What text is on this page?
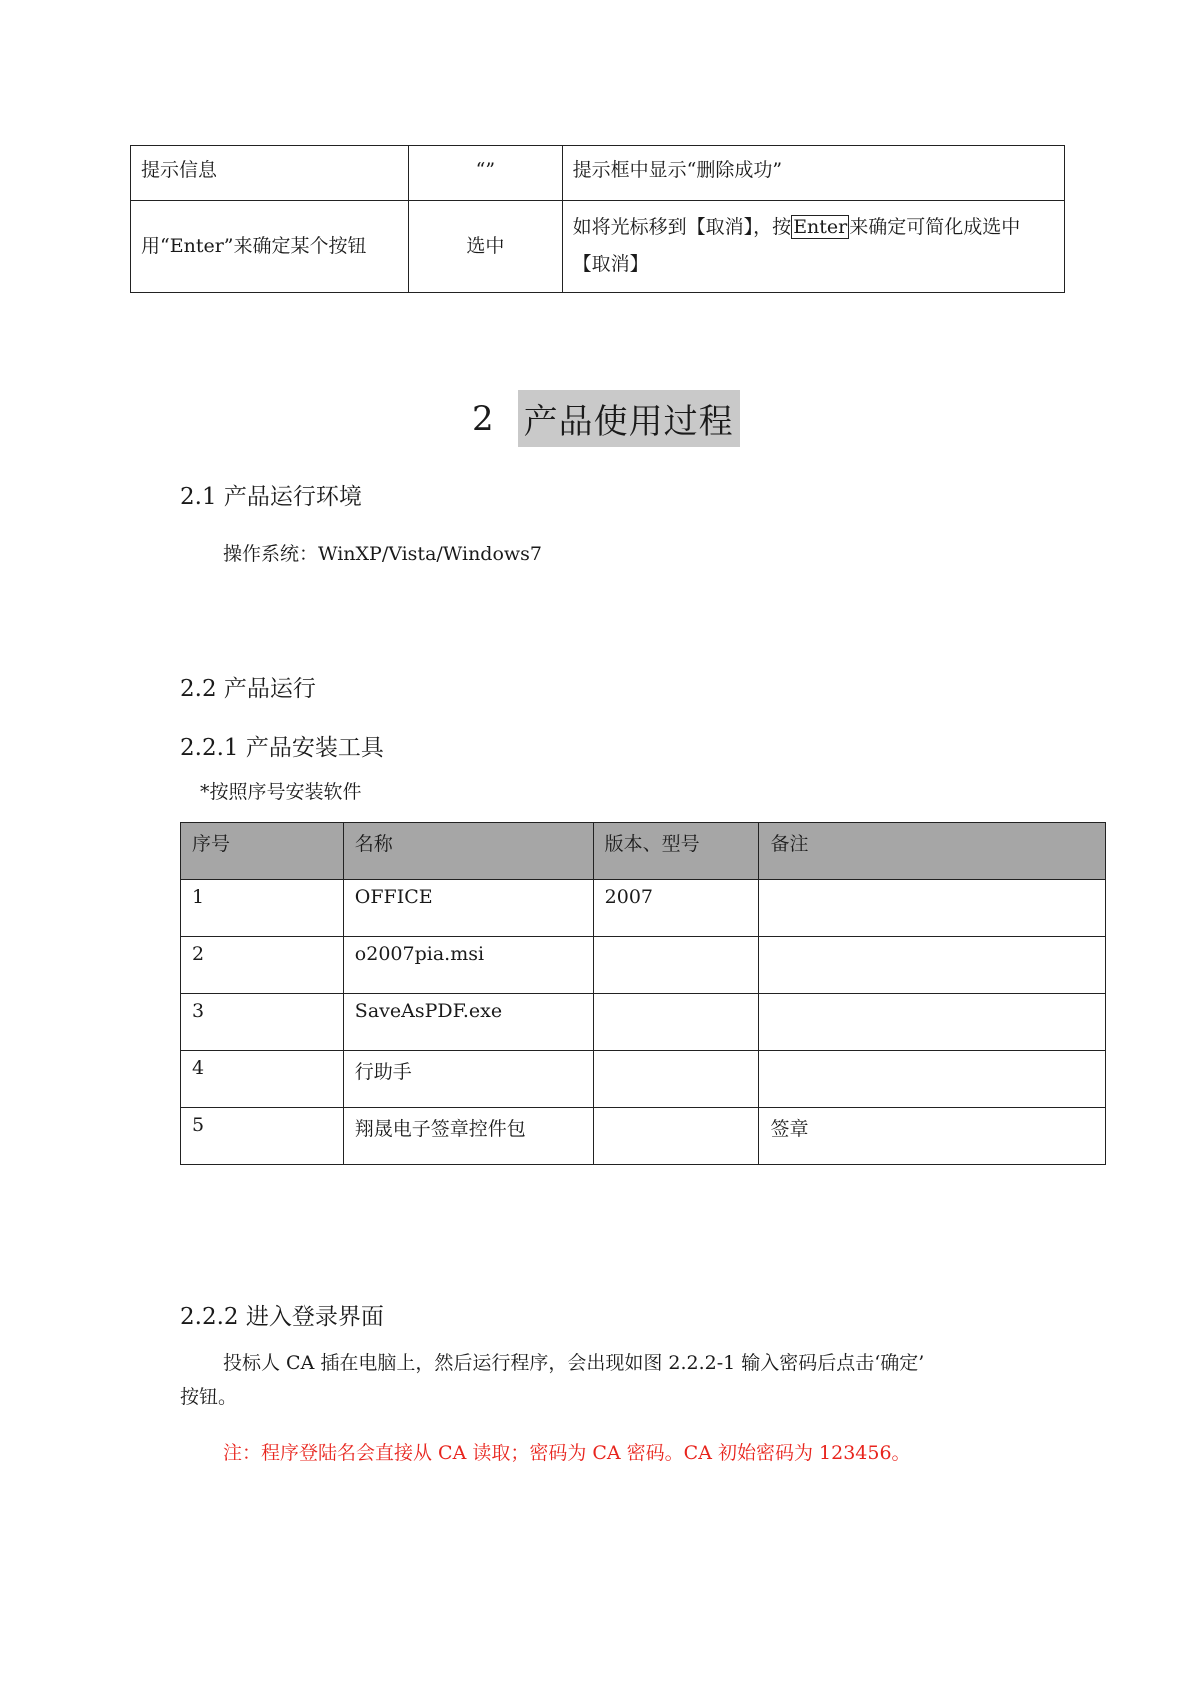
提示信息	“”	提示框中显示“删除成功”
用“Enter”来确定某个按钮	选中	如将光标移到【取消】，按 Enter 来确定可简化成选中【取消】
2 产品使用过程
2.1 产品运行环境
操作系统：WinXP/Vista/Windows7
2.2 产品运行
2.2.1 产品安装工具
*按照序号安装软件
序号	名称	版本、型号	备注
1	OFFICE	2007	
2	o2007pia.msi		
3	SaveAsPDF.exe		
4	行助手		
5	翔晟电子签章控件包		签章
2.2.2 进入登录界面
投标人 CA 插在电脑上，然后运行程序，会出现如图 2.2.2-1 输入密码后点击‘确定’
按钮。
注：程序登陆名会直接从 CA 读取；密码为 CA 密码。CA 初始密码为 123456。
